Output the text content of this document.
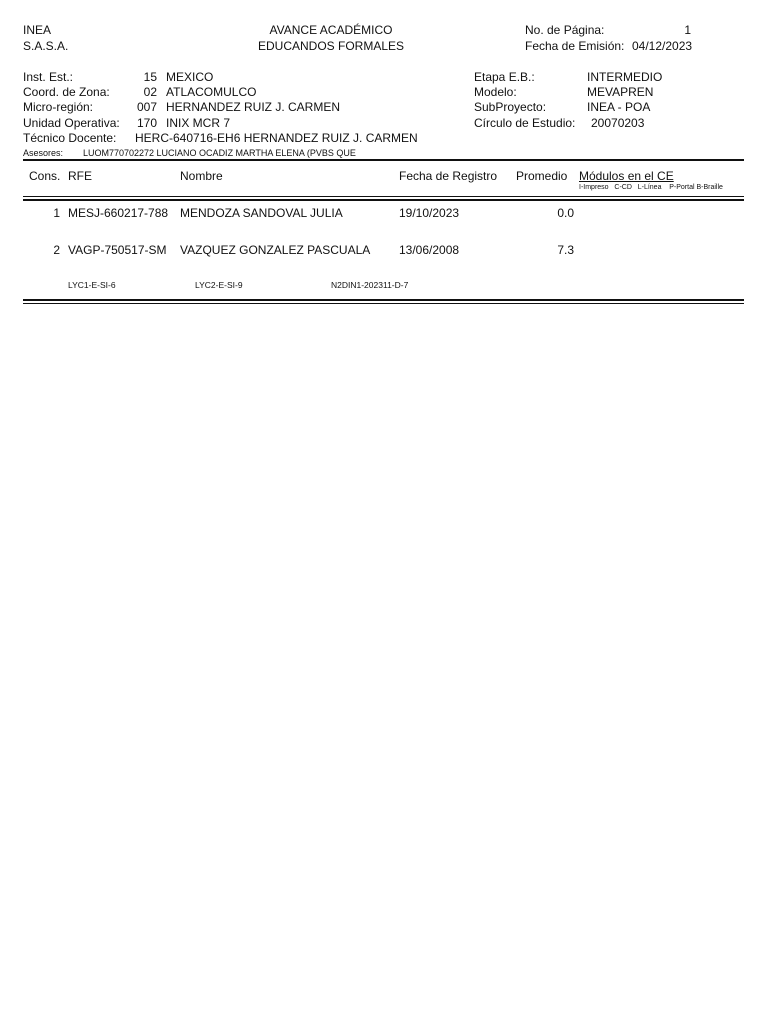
INEA
S.A.S.A.
AVANCE ACADÉMICO
EDUCANDOS FORMALES
No. de Página:	1
Fecha de Emisión: 04/12/2023
Inst. Est.:	15 MEXICO
Coord. de Zona:	02 ATLACOMULCO
Micro-región:	007 HERNANDEZ RUIZ J. CARMEN
Unidad Operativa:	170 INIX MCR 7
Técnico Docente: HERC-640716-EH6 HERNANDEZ RUIZ J. CARMEN
Asesores: LUOM770702272 LUCIANO OCADIZ MARTHA ELENA (PVBS QUE
Etapa E.B.:	INTERMEDIO
Modelo:	MEVAPREN
SubProyecto:	INEA - POA
Círculo de Estudio: 20070203
Cons. RFE	Nombre	Fecha de Registro Promedio Módulos en el CE
I-Impreso   C-CD   L-Línea    P-Portal B-Braille
1 MESJ-660217-788 MENDOZA SANDOVAL JULIA	19/10/2023	0.0
2 VAGP-750517-SM VAZQUEZ GONZALEZ PASCUALA 13/06/2008	7.3
LYC1-E-SI-6	LYC2-E-SI-9	N2DIN1-202311-D-7
